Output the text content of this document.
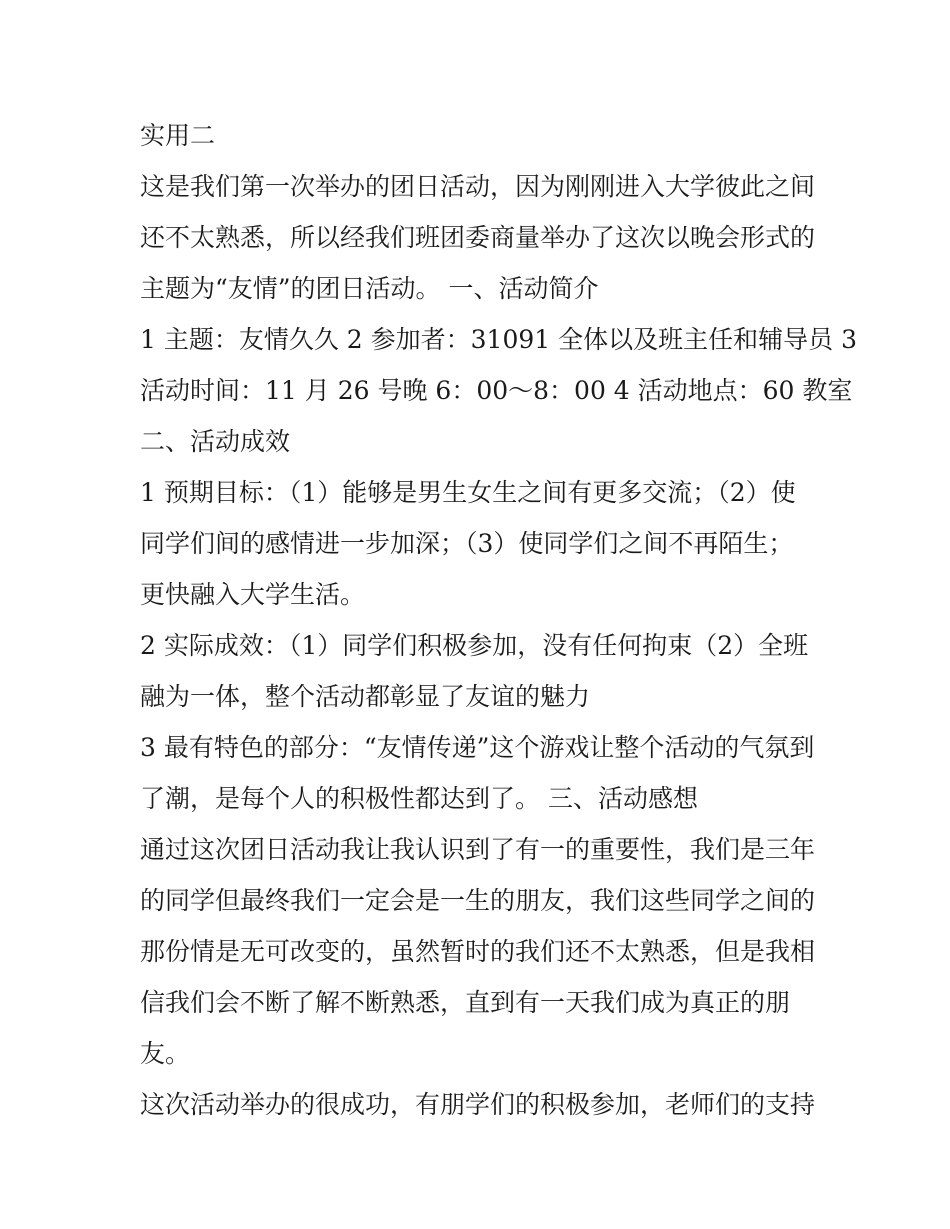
实用二
这是我们第一次举办的团日活动，因为刚刚进入大学彼此之间
还不太熟悉，所以经我们班团委商量举办了这次以晚会形式的
主题为“友情”的团日活动。 一、活动简介
1 主题：友情久久 2 参加者：31091 全体以及班主任和辅导员 3
活动时间：11 月 26 号晚 6：00～8：00 4 活动地点：60 教室
二、活动成效
1 预期目标：（1）能够是男生女生之间有更多交流；（2）使
同学们间的感情进一步加深；（3）使同学们之间不再陌生；
更快融入大学生活。
2 实际成效：（1）同学们积极参加，没有任何拘束（2）全班
融为一体，整个活动都彰显了友谊的魅力
3 最有特色的部分：“友情传递”这个游戏让整个活动的气氛到
了潮，是每个人的积极性都达到了。 三、活动感想
通过这次团日活动我让我认识到了有一的重要性，我们是三年
的同学但最终我们一定会是一生的朋友，我们这些同学之间的
那份情是无可改变的，虽然暂时的我们还不太熟悉，但是我相
信我们会不断了解不断熟悉，直到有一天我们成为真正的朋
友。
这次活动举办的很成功，有朋学们的积极参加，老师们的支持
